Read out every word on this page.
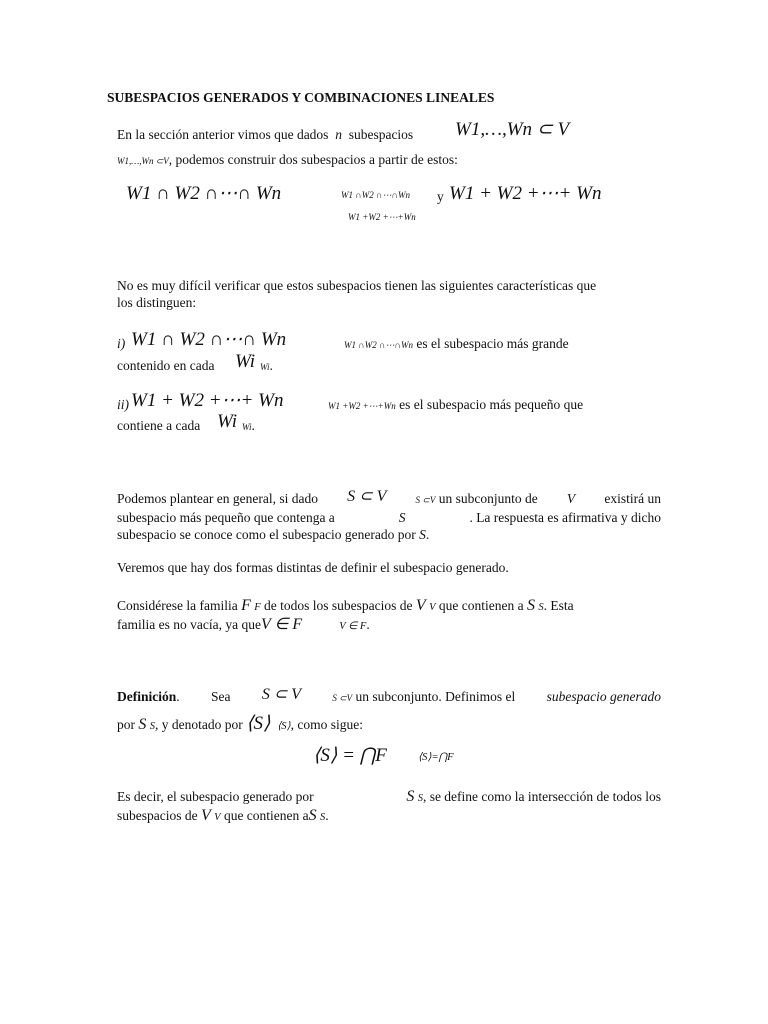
SUBESPACIOS GENERADOS Y COMBINACIONES LINEALES
En la sección anterior vimos que dados n subespacios W1,…,Wn ⊂ V
W1,…,Wn ⊂V, podemos construir dos subespacios a partir de estos:
W1 ∩ W2 ∩⋯∩ Wn	W1 ∩W2 ∩⋯∩Wn y W1 + W2 +⋯+ Wn
W1 +W2 +⋯+Wn
No es muy difícil verificar que estos subespacios tienen las siguientes características que
los distinguen:
i) W1 ∩ W2 ∩⋯∩ Wn	W1 ∩W2 ∩⋯∩Wn es el subespacio más grande
contenido en cada Wi Wi.
ii) W1 + W2 +⋯+ Wn	W1 +W2 +⋯+Wn es el subespacio más pequeño que
contiene a cada Wi Wi.
Podemos plantear en general, si dado S ⊂ V	S ⊂V un subconjunto de V existirá un
subespacio más pequeño que contenga a	S	. La respuesta es afirmativa y dicho
subespacio se conoce como el subespacio generado por S.
Veremos que hay dos formas distintas de definir el subespacio generado.
Considérese la familia F F de todos los subespacios de V V que contienen a S S. Esta
familia es no vacía, ya queV ∈ F	V ∈ F.
Definición. Sea S ⊂ V	S ⊂V un subconjunto. Definimos el subespacio generado
por S S, y denotado por ⟨S⟩ ⟨S⟩, como sigue:
⟨S⟩ = ⋂F	⟨S⟩=⋂F
Es decir, el subespacio generado por	S S, se define como la intersección de todos los
subespacios de V V que contienen aS S.
